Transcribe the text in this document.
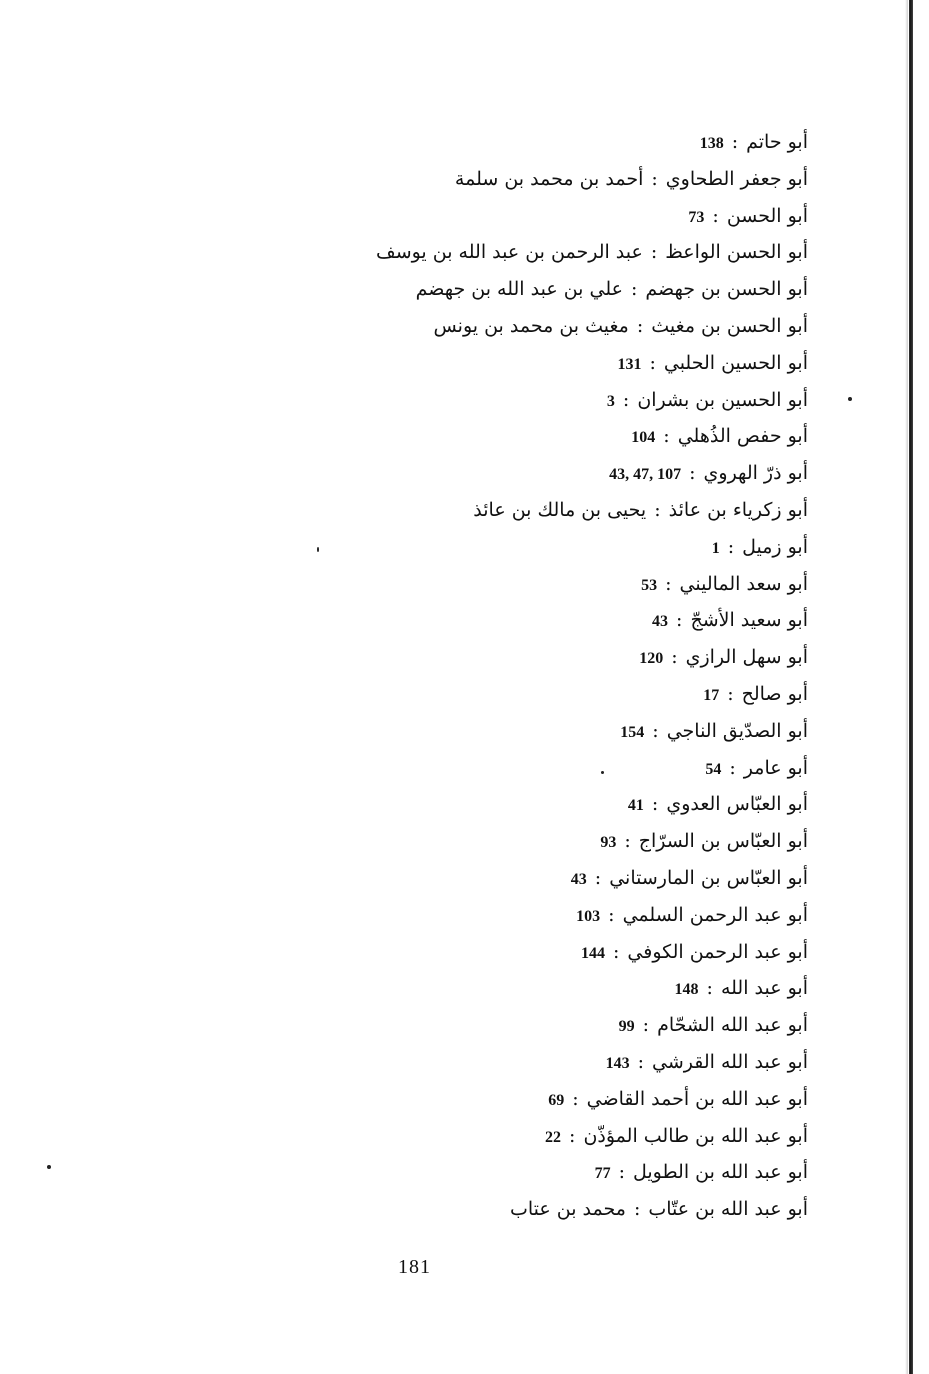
أبو حاتم:138
أبو جعفر الطحاوي:أحمد بن محمد بن سلمة
أبو الحسن:73
أبو الحسن الواعظ:عبد الرحمن بن عبد الله بن يوسف
أبو الحسن بن جهضم:علي بن عبد الله بن جهضم
أبو الحسن بن مغيث:مغيث بن محمد بن يونس
أبو الحسين الحلبي:131
أبو الحسين بن بشران:3
أبو حفص الذُهلي:104
أبو ذرّ الهروي:43, 47, 107
أبو زكرياء بن عائذ:يحيى بن مالك بن عائذ
أبو زميل:1
أبو سعد الماليني:53
أبو سعيد الأشجّ:43
أبو سهل الرازي:120
أبو صالح:17
أبو الصدّيق الناجي:154
أبو عامر:54
أبو العبّاس العدوي:41
أبو العبّاس بن السرّاج:93
أبو العبّاس بن المارستاني:43
أبو عبد الرحمن السلمي:103
أبو عبد الرحمن الكوفي:144
أبو عبد الله:148
أبو عبد الله الشحّام:99
أبو عبد الله القرشي:143
أبو عبد الله بن أحمد القاضي:69
أبو عبد الله بن طالب المؤذّن:22
أبو عبد الله بن الطويل:77
أبو عبد الله بن عتّاب:محمد بن عتاب
181
